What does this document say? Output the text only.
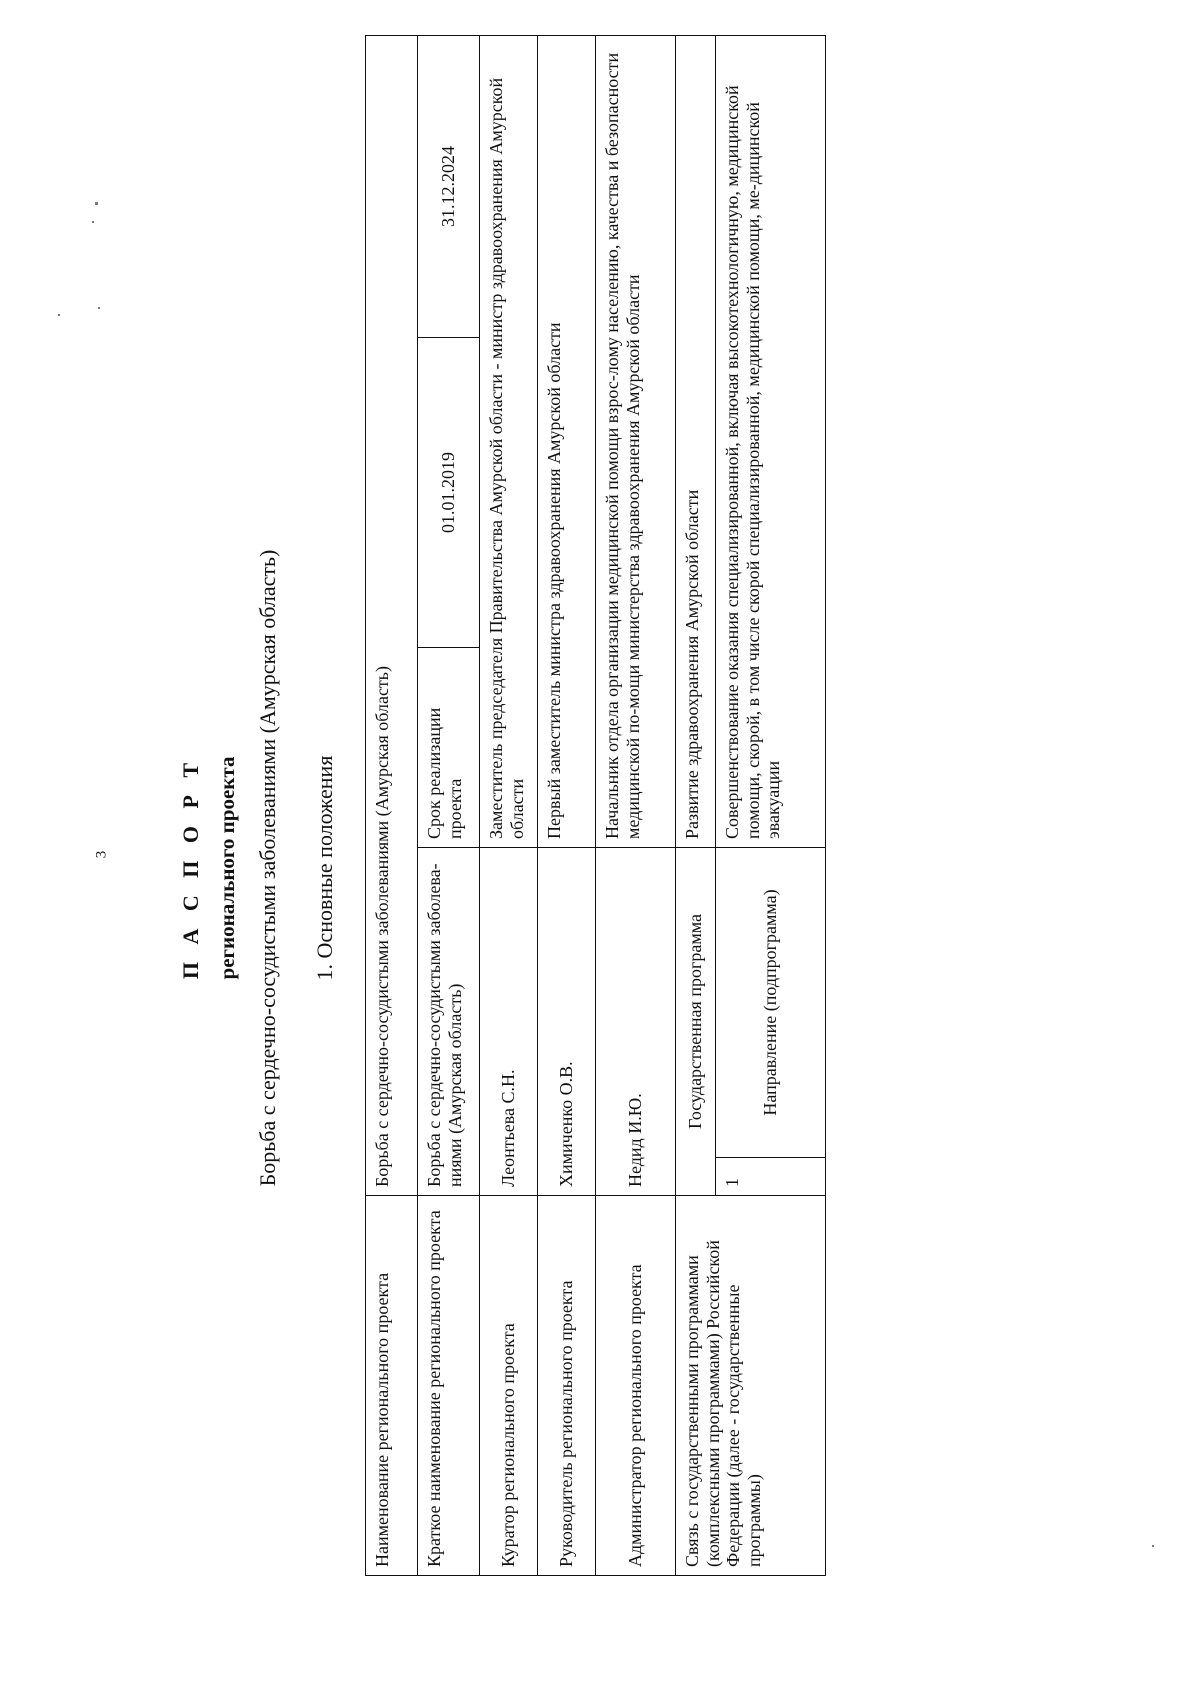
3	П А С П О Р Т регионального проекта Борьба с сердечно-сосудистыми заболеваниями (Амурская область) 1. Основные положения
Наименование регионального проекта	Борьба с сердечно-сосудистыми заболеваниями (Амурская область)				
Краткое наименование регионального проекта	Борьба с сердечно-сосудистыми заболева-ниями (Амурская область)		Срок реализации проекта	01.01.2019	31.12.2024
Куратор регионального проекта	Леонтьева С.Н.		Заместитель председателя Правительства Амурской области - министр здравоохранения Амурской области		
Руководитель регионального проекта	Химиченко О.В.		Первый заместитель министра здравоохранения Амурской области		
Администратор регионального проекта	Недид И.Ю.		Начальник отдела организации медицинской помощи взрос-лому населению, качества и безопасности медицинской по-мощи министерства здравоохранения Амурской области		
Связь с государственными программами (комплексными программами) Российской Федерации (далее - государственные программы)	Государственная программа		Развитие здравоохранения Амурской области		
	1	Направление (подпрограмма)	Совершенствование оказания специализированной, включая высокотехнологичную, медицинской помощи, скорой, в том числе скорой специализированной, медицинской помощи, ме-дицинской эвакуации		
